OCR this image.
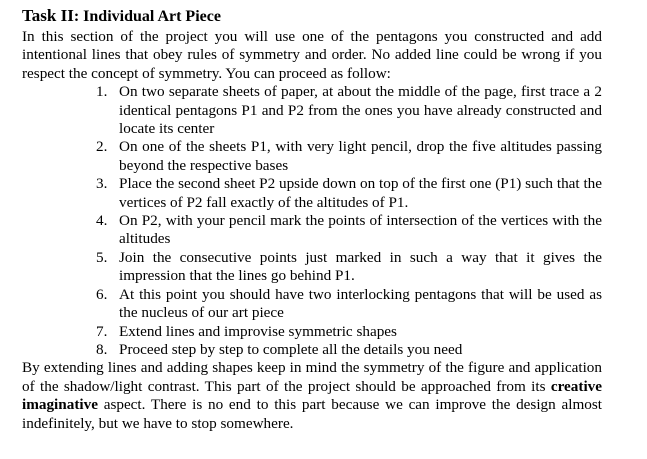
Task II: Individual Art Piece

In this section of the project you will use one of the pentagons you constructed and add intentional lines that obey rules of symmetry and order. No added line could be wrong if you respect the concept of symmetry. You can proceed as follow:

1. On two separate sheets of paper, at about the middle of the page, first trace a 2 identical pentagons P1 and P2 from the ones you have already constructed and locate its center
2. On one of the sheets P1, with very light pencil, drop the five altitudes passing beyond the respective bases
3. Place the second sheet P2 upside down on top of the first one (P1) such that the vertices of P2 fall exactly of the altitudes of P1.
4. On P2, with your pencil mark the points of intersection of the vertices with the altitudes
5. Join the consecutive points just marked in such a way that it gives the impression that the lines go behind P1.
6. At this point you should have two interlocking pentagons that will be used as the nucleus of our art piece
7. Extend lines and improvise symmetric shapes
8. Proceed step by step to complete all the details you need

By extending lines and adding shapes keep in mind the symmetry of the figure and application of the shadow/light contrast. This part of the project should be approached from its creative imaginative aspect. There is no end to this part because we can improve the design almost indefinitely, but we have to stop somewhere.
